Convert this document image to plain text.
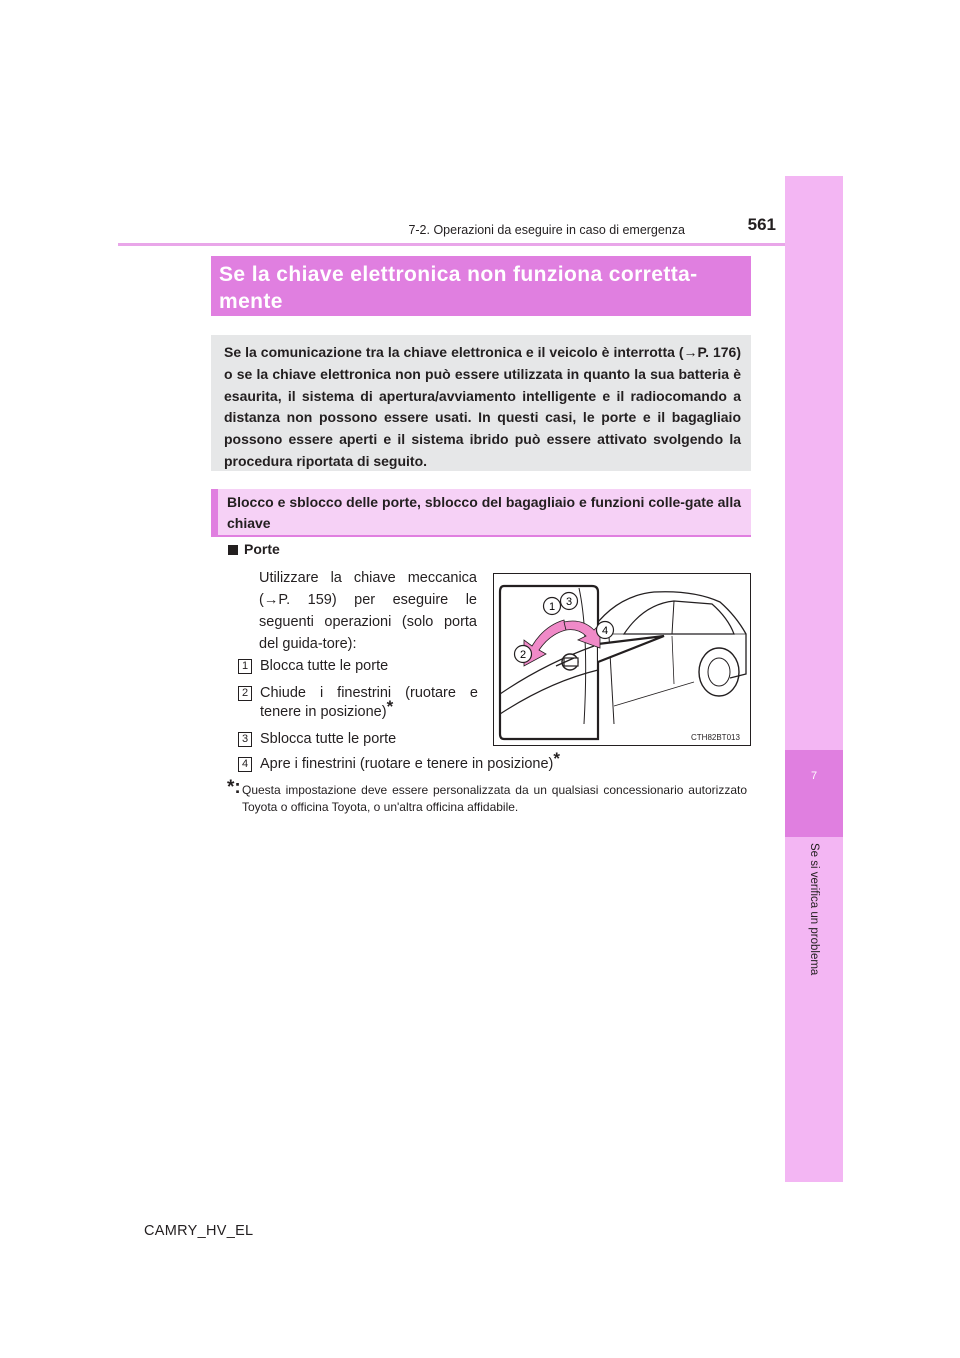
7
Se si verifica un problema
7-2. Operazioni da eseguire in caso di emergenza	561
Se la chiave elettronica non funziona corretta-mente
Se la comunicazione tra la chiave elettronica e il veicolo è interrotta (→P. 176) o se la chiave elettronica non può essere utilizzata in quanto la sua batteria è esaurita, il sistema di apertura/avviamento intelligente e il radiocomando a distanza non possono essere usati. In questi casi, le porte e il bagagliaio possono essere aperti e il sistema ibrido può essere attivato svolgendo la procedura riportata di seguito.
Blocco e sblocco delle porte, sblocco del bagagliaio e funzioni colle-gate alla chiave
Porte
Utilizzare la chiave meccanica (→P. 159) per eseguire le seguenti operazioni (solo porta del guida-tore):
1 Blocca tutte le porte
2 Chiude i finestrini (ruotare e tenere in posizione)*
3 Sblocca tutte le porte
4 Apre i finestrini (ruotare e tenere in posizione)*
1 3
2
4
CTH82BT013
*: Questa impostazione deve essere personalizzata da un qualsiasi concessionario autorizzato Toyota o officina Toyota, o un'altra officina affidabile.
CAMRY_HV_EL
